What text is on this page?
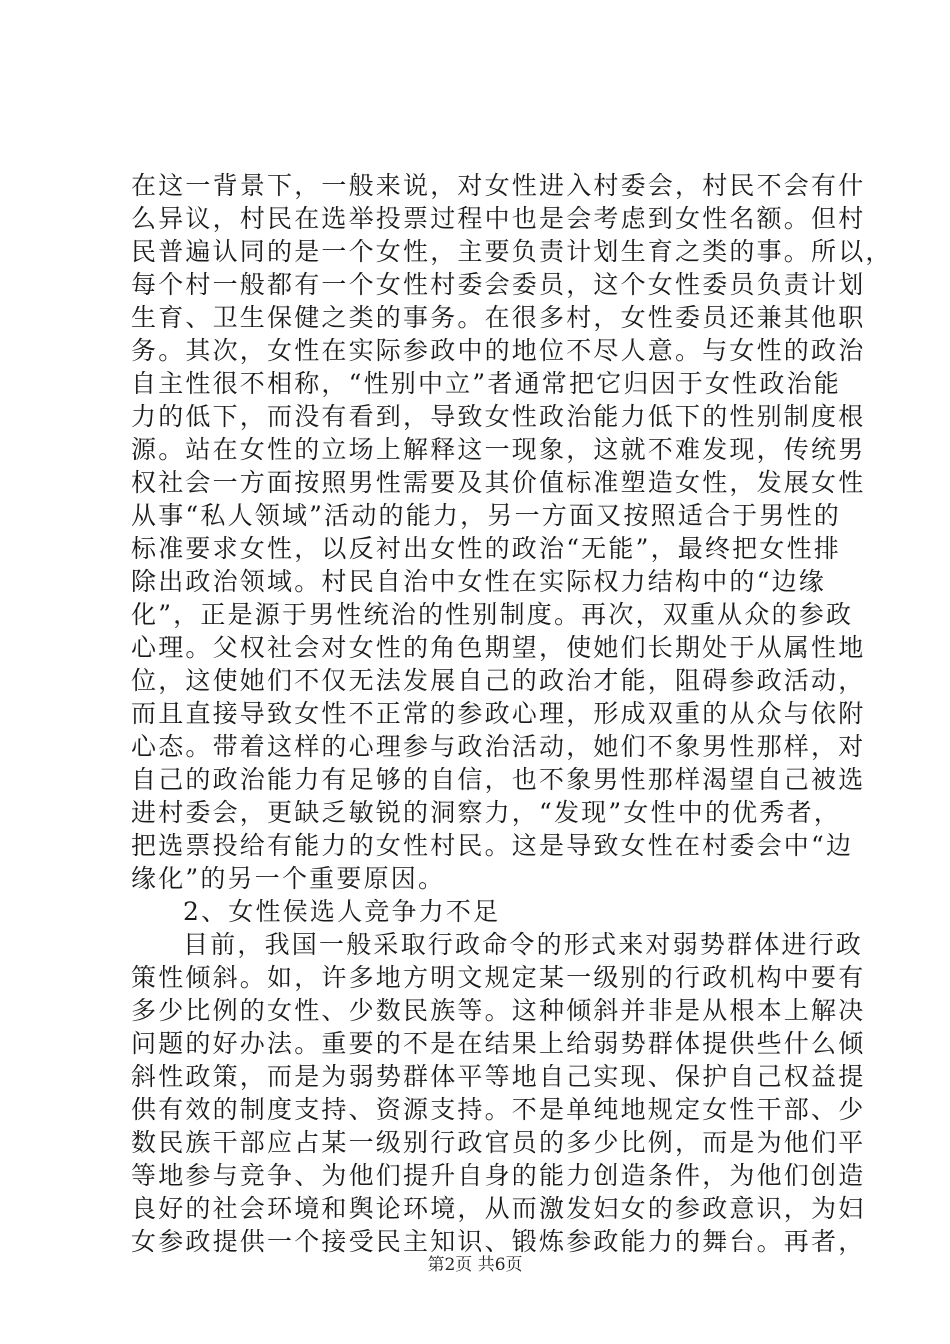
在这一背景下，一般来说，对女性进入村委会，村民不会有什
么异议，村民在选举投票过程中也是会考虑到女性名额。但村
民普遍认同的是一个女性，主要负责计划生育之类的事。所以，
每个村一般都有一个女性村委会委员，这个女性委员负责计划
生育、卫生保健之类的事务。在很多村，女性委员还兼其他职
务。其次，女性在实际参政中的地位不尽人意。与女性的政治
自主性很不相称，“性别中立”者通常把它归因于女性政治能
力的低下，而没有看到，导致女性政治能力低下的性别制度根
源。站在女性的立场上解释这一现象，这就不难发现，传统男
权社会一方面按照男性需要及其价值标准塑造女性，发展女性
从事“私人领域”活动的能力，另一方面又按照适合于男性的
标准要求女性，以反衬出女性的政治“无能”，最终把女性排
除出政治领域。村民自治中女性在实际权力结构中的“边缘
化”，正是源于男性统治的性别制度。再次，双重从众的参政
心理。父权社会对女性的角色期望，使她们长期处于从属性地
位，这使她们不仅无法发展自己的政治才能，阻碍参政活动，
而且直接导致女性不正常的参政心理，形成双重的从众与依附
心态。带着这样的心理参与政治活动，她们不象男性那样，对
自己的政治能力有足够的自信，也不象男性那样渴望自己被选
进村委会，更缺乏敏锐的洞察力，“发现”女性中的优秀者，
把选票投给有能力的女性村民。这是导致女性在村委会中“边
缘化”的另一个重要原因。
2、女性侯选人竞争力不足
目前，我国一般采取行政命令的形式来对弱势群体进行政
策性倾斜。如，许多地方明文规定某一级别的行政机构中要有
多少比例的女性、少数民族等。这种倾斜并非是从根本上解决
问题的好办法。重要的不是在结果上给弱势群体提供些什么倾
斜性政策，而是为弱势群体平等地自己实现、保护自己权益提
供有效的制度支持、资源支持。不是单纯地规定女性干部、少
数民族干部应占某一级别行政官员的多少比例，而是为他们平
等地参与竞争、为他们提升自身的能力创造条件，为他们创造
良好的社会环境和舆论环境，从而激发妇女的参政意识，为妇
女参政提供一个接受民主知识、锻炼参政能力的舞台。再者，
第2页 共6页
